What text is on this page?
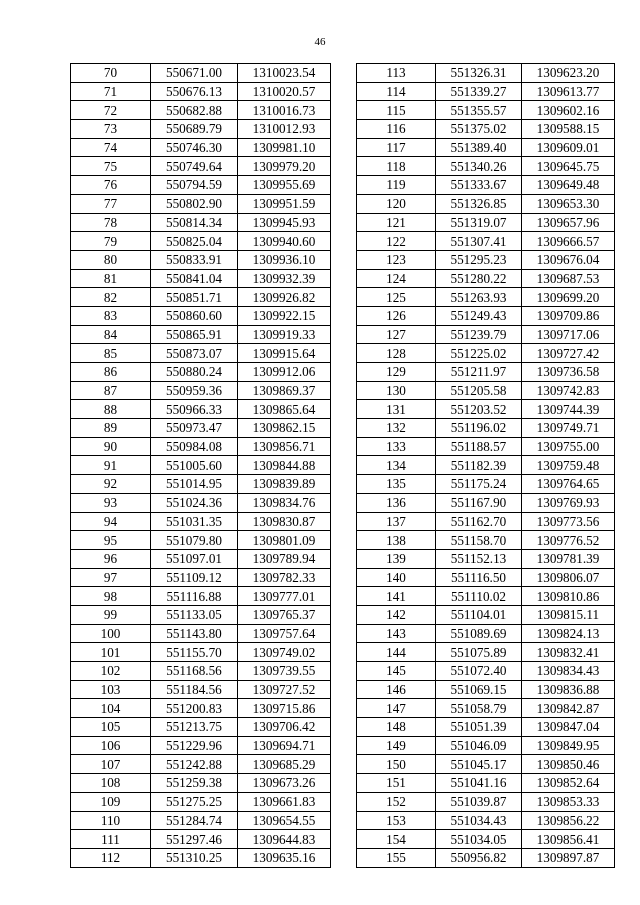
46
70	550671.00	1310023.54
71	550676.13	1310020.57
72	550682.88	1310016.73
73	550689.79	1310012.93
74	550746.30	1309981.10
75	550749.64	1309979.20
76	550794.59	1309955.69
77	550802.90	1309951.59
78	550814.34	1309945.93
79	550825.04	1309940.60
80	550833.91	1309936.10
81	550841.04	1309932.39
82	550851.71	1309926.82
83	550860.60	1309922.15
84	550865.91	1309919.33
85	550873.07	1309915.64
86	550880.24	1309912.06
87	550959.36	1309869.37
88	550966.33	1309865.64
89	550973.47	1309862.15
90	550984.08	1309856.71
91	551005.60	1309844.88
92	551014.95	1309839.89
93	551024.36	1309834.76
94	551031.35	1309830.87
95	551079.80	1309801.09
96	551097.01	1309789.94
97	551109.12	1309782.33
98	551116.88	1309777.01
99	551133.05	1309765.37
100	551143.80	1309757.64
101	551155.70	1309749.02
102	551168.56	1309739.55
103	551184.56	1309727.52
104	551200.83	1309715.86
105	551213.75	1309706.42
106	551229.96	1309694.71
107	551242.88	1309685.29
108	551259.38	1309673.26
109	551275.25	1309661.83
110	551284.74	1309654.55
111	551297.46	1309644.83
112	551310.25	1309635.16
113	551326.31	1309623.20
114	551339.27	1309613.77
115	551355.57	1309602.16
116	551375.02	1309588.15
117	551389.40	1309609.01
118	551340.26	1309645.75
119	551333.67	1309649.48
120	551326.85	1309653.30
121	551319.07	1309657.96
122	551307.41	1309666.57
123	551295.23	1309676.04
124	551280.22	1309687.53
125	551263.93	1309699.20
126	551249.43	1309709.86
127	551239.79	1309717.06
128	551225.02	1309727.42
129	551211.97	1309736.58
130	551205.58	1309742.83
131	551203.52	1309744.39
132	551196.02	1309749.71
133	551188.57	1309755.00
134	551182.39	1309759.48
135	551175.24	1309764.65
136	551167.90	1309769.93
137	551162.70	1309773.56
138	551158.70	1309776.52
139	551152.13	1309781.39
140	551116.50	1309806.07
141	551110.02	1309810.86
142	551104.01	1309815.11
143	551089.69	1309824.13
144	551075.89	1309832.41
145	551072.40	1309834.43
146	551069.15	1309836.88
147	551058.79	1309842.87
148	551051.39	1309847.04
149	551046.09	1309849.95
150	551045.17	1309850.46
151	551041.16	1309852.64
152	551039.87	1309853.33
153	551034.43	1309856.22
154	551034.05	1309856.41
155	550956.82	1309897.87
